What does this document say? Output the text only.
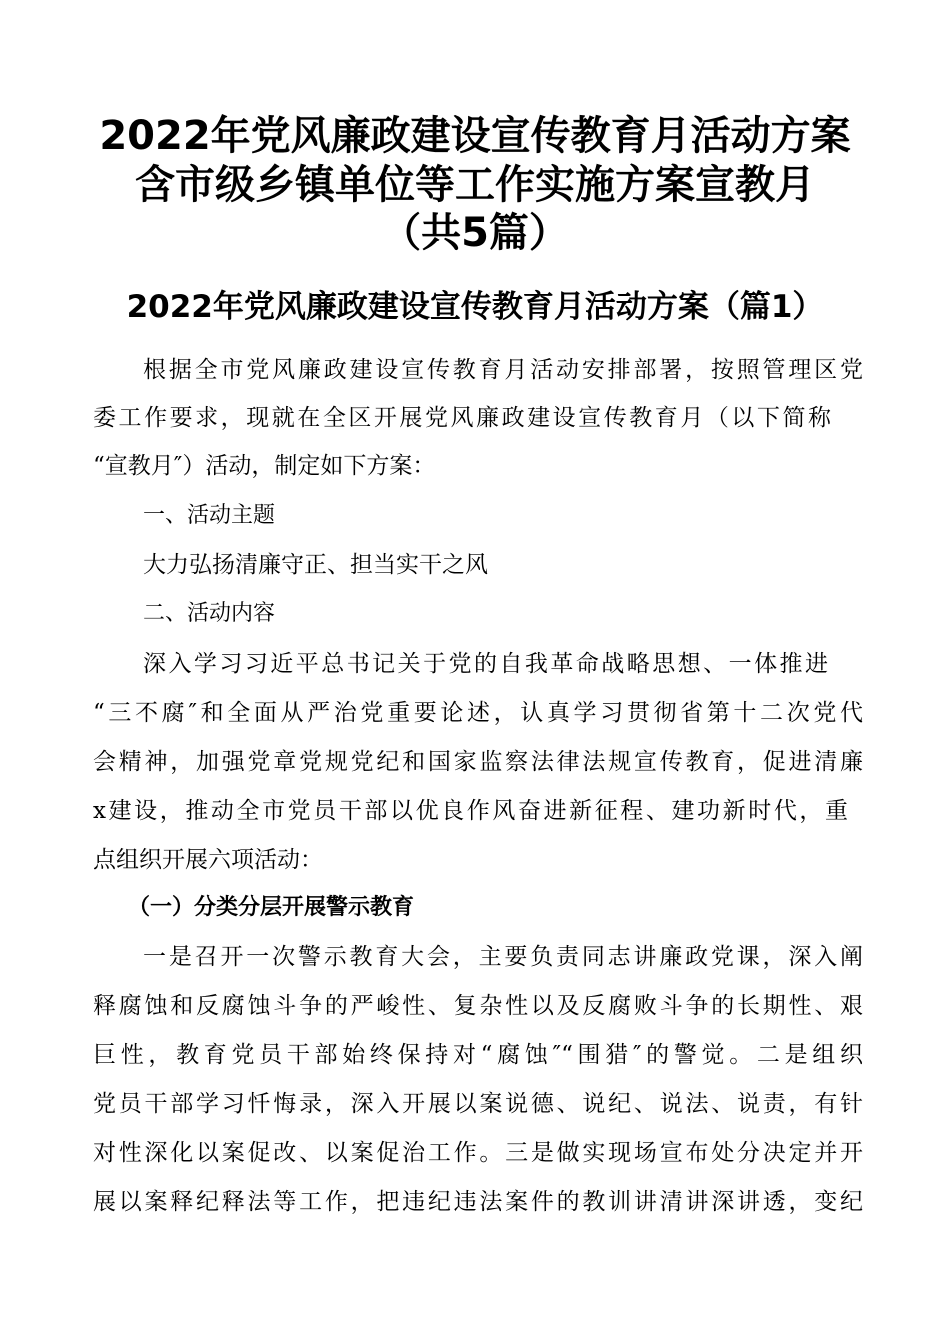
2022年党风廉政建设宣传教育月活动方案
含市级乡镇单位等工作实施方案宣教月
（共5篇）
2022年党风廉政建设宣传教育月活动方案（篇1）

根据全市党风廉政建设宣传教育月活动安排部署，按照管理区党

委工作要求，现就在全区开展党风廉政建设宣传教育月（以下简称

“宣教月″）活动，制定如下方案：

一、活动主题

大力弘扬清廉守正、担当实干之风

二、活动内容

深入学习习近平总书记关于党的自我革命战略思想、一体推进

“三不腐″和全面从严治党重要论述，认真学习贯彻省第十二次党代

会精神，加强党章党规党纪和国家监察法律法规宣传教育，促进清廉

x建设，推动全市党员干部以优良作风奋进新征程、建功新时代，重

点组织开展六项活动：

（一）分类分层开展警示教育

一是召开一次警示教育大会，主要负责同志讲廉政党课，深入阐

释腐蚀和反腐蚀斗争的严峻性、复杂性以及反腐败斗争的长期性、艰

巨性，教育党员干部始终保持对“腐蚀″“围猎″的警觉。二是组织

党员干部学习忏悔录，深入开展以案说德、说纪、说法、说责，有针

对性深化以案促改、以案促治工作。三是做实现场宣布处分决定并开

展以案释纪释法等工作，把违纪违法案件的教训讲清讲深讲透，变纪
